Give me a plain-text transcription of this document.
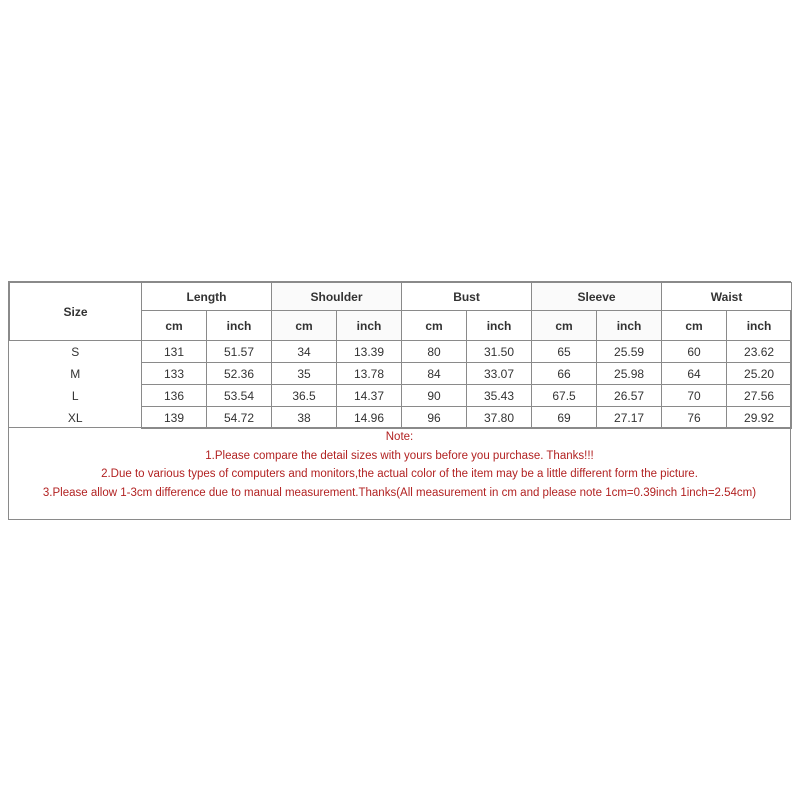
Size	Length		Shoulder		Bust		Sleeve		Waist	
	cm	inch	cm	inch	cm	inch	cm	inch	cm	inch
S	131	51.57	34	13.39	80	31.50	65	25.59	60	23.62
M	133	52.36	35	13.78	84	33.07	66	25.98	64	25.20
L	136	53.54	36.5	14.37	90	35.43	67.5	26.57	70	27.56
XL	139	54.72	38	14.96	96	37.80	69	27.17	76	29.92
Note:
1.Please compare the detail sizes with yours before you purchase. Thanks!!!
2.Due to various types of computers and monitors,the actual color of the item may be a little different form the picture.
3.Please allow 1-3cm difference due to manual measurement.Thanks(All measurement in cm and please note 1cm=0.39inch 1inch=2.54cm)
